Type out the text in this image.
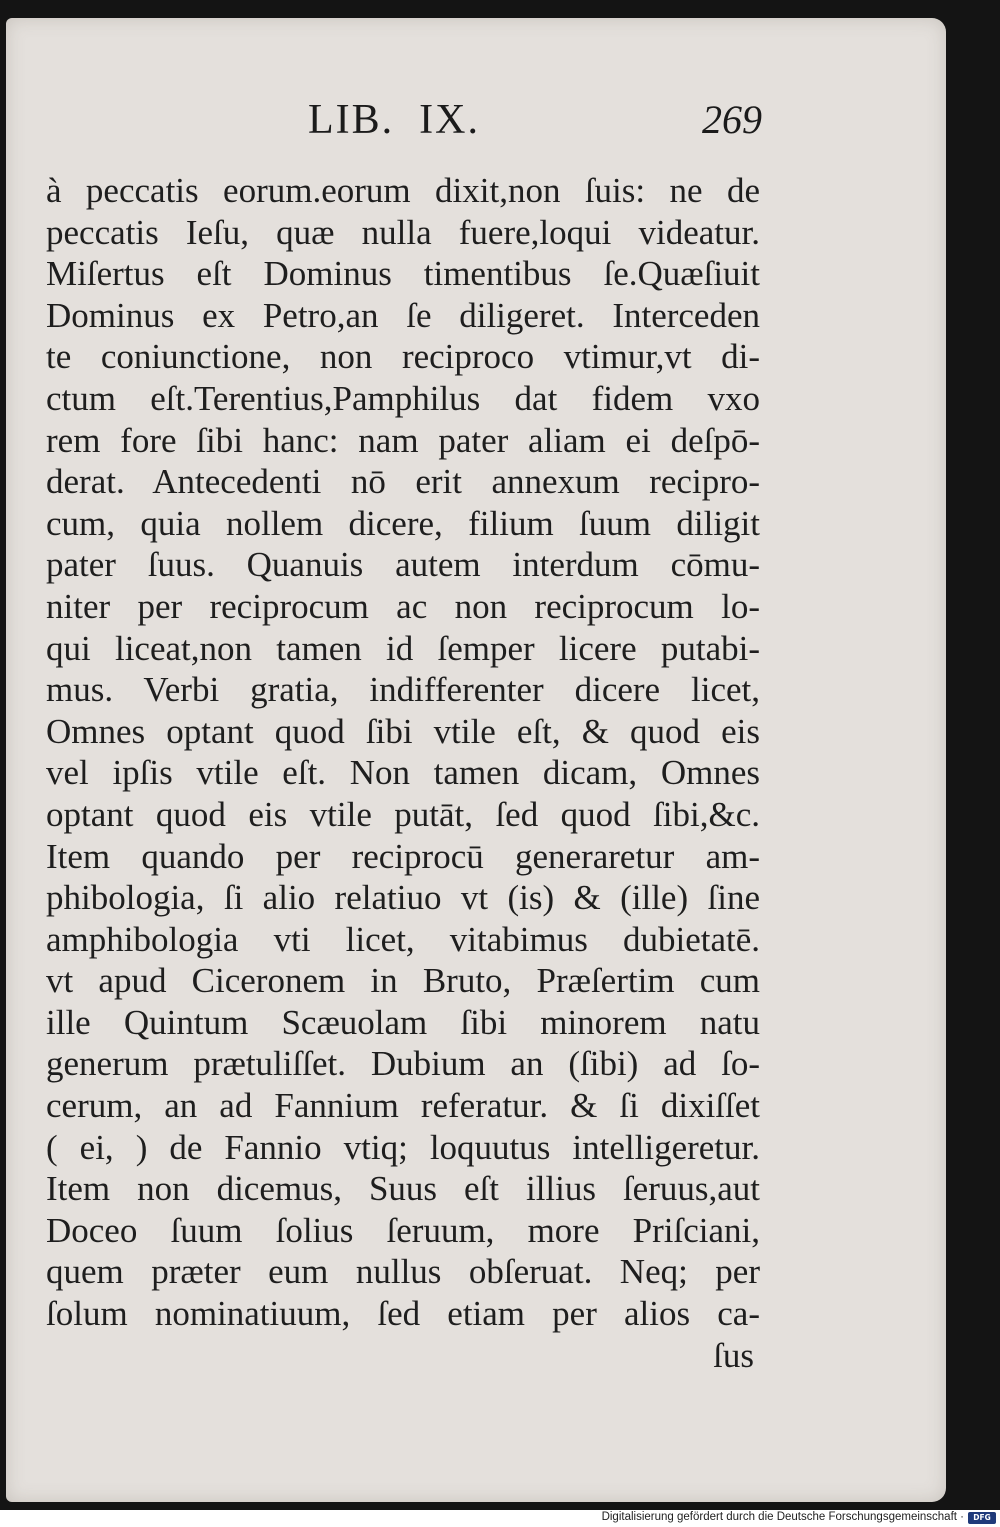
LIB.  IX.	269
à peccatis eorum.eorum dixit,non ſuis: ne de
peccatis Ieſu, quæ nulla fuere,loqui videatur.
Miſertus eſt Dominus timentibus ſe.Quæſiuit
Dominus ex Petro,an ſe diligeret. Interceden
te coniunctione, non reciproco vtimur,vt di-
ctum eſt.Terentius,Pamphilus dat fidem vxo
rem fore ſibi hanc: nam pater aliam ei deſpō-
derat. Antecedenti nō erit annexum recipro-
cum, quia nollem dicere, filium ſuum diligit
pater ſuus. Quanuis autem interdum cōmu-
niter per reciprocum ac non reciprocum lo-
qui liceat,non tamen id ſemper licere putabi-
mus. Verbi gratia, indifferenter dicere licet,
Omnes optant quod ſibi vtile eſt, & quod eis
vel ipſis vtile eſt. Non tamen dicam, Omnes
optant quod eis vtile putāt, ſed quod ſibi,&c.
Item quando per reciprocū generaretur am-
phibologia, ſi alio relatiuo vt (is) & (ille) ſine
amphibologia vti licet, vitabimus dubietatē.
vt apud Ciceronem in Bruto, Præſertim cum
ille Quintum Scæuolam ſibi minorem natu
generum prætuliſſet. Dubium an (ſibi) ad ſo-
cerum, an ad Fannium referatur. & ſi dixiſſet
( ei, ) de Fannio vtiq; loquutus intelligeretur.
Item non dicemus, Suus eſt illius ſeruus,aut
Doceo ſuum ſolius ſeruum, more Priſciani,
quem præter eum nullus obſeruat. Neq; per
ſolum nominatiuum, ſed etiam per alios ca-
ſus
Digitalisierung gefördert durch die Deutsche Forschungsgemeinschaft ·	DFG
